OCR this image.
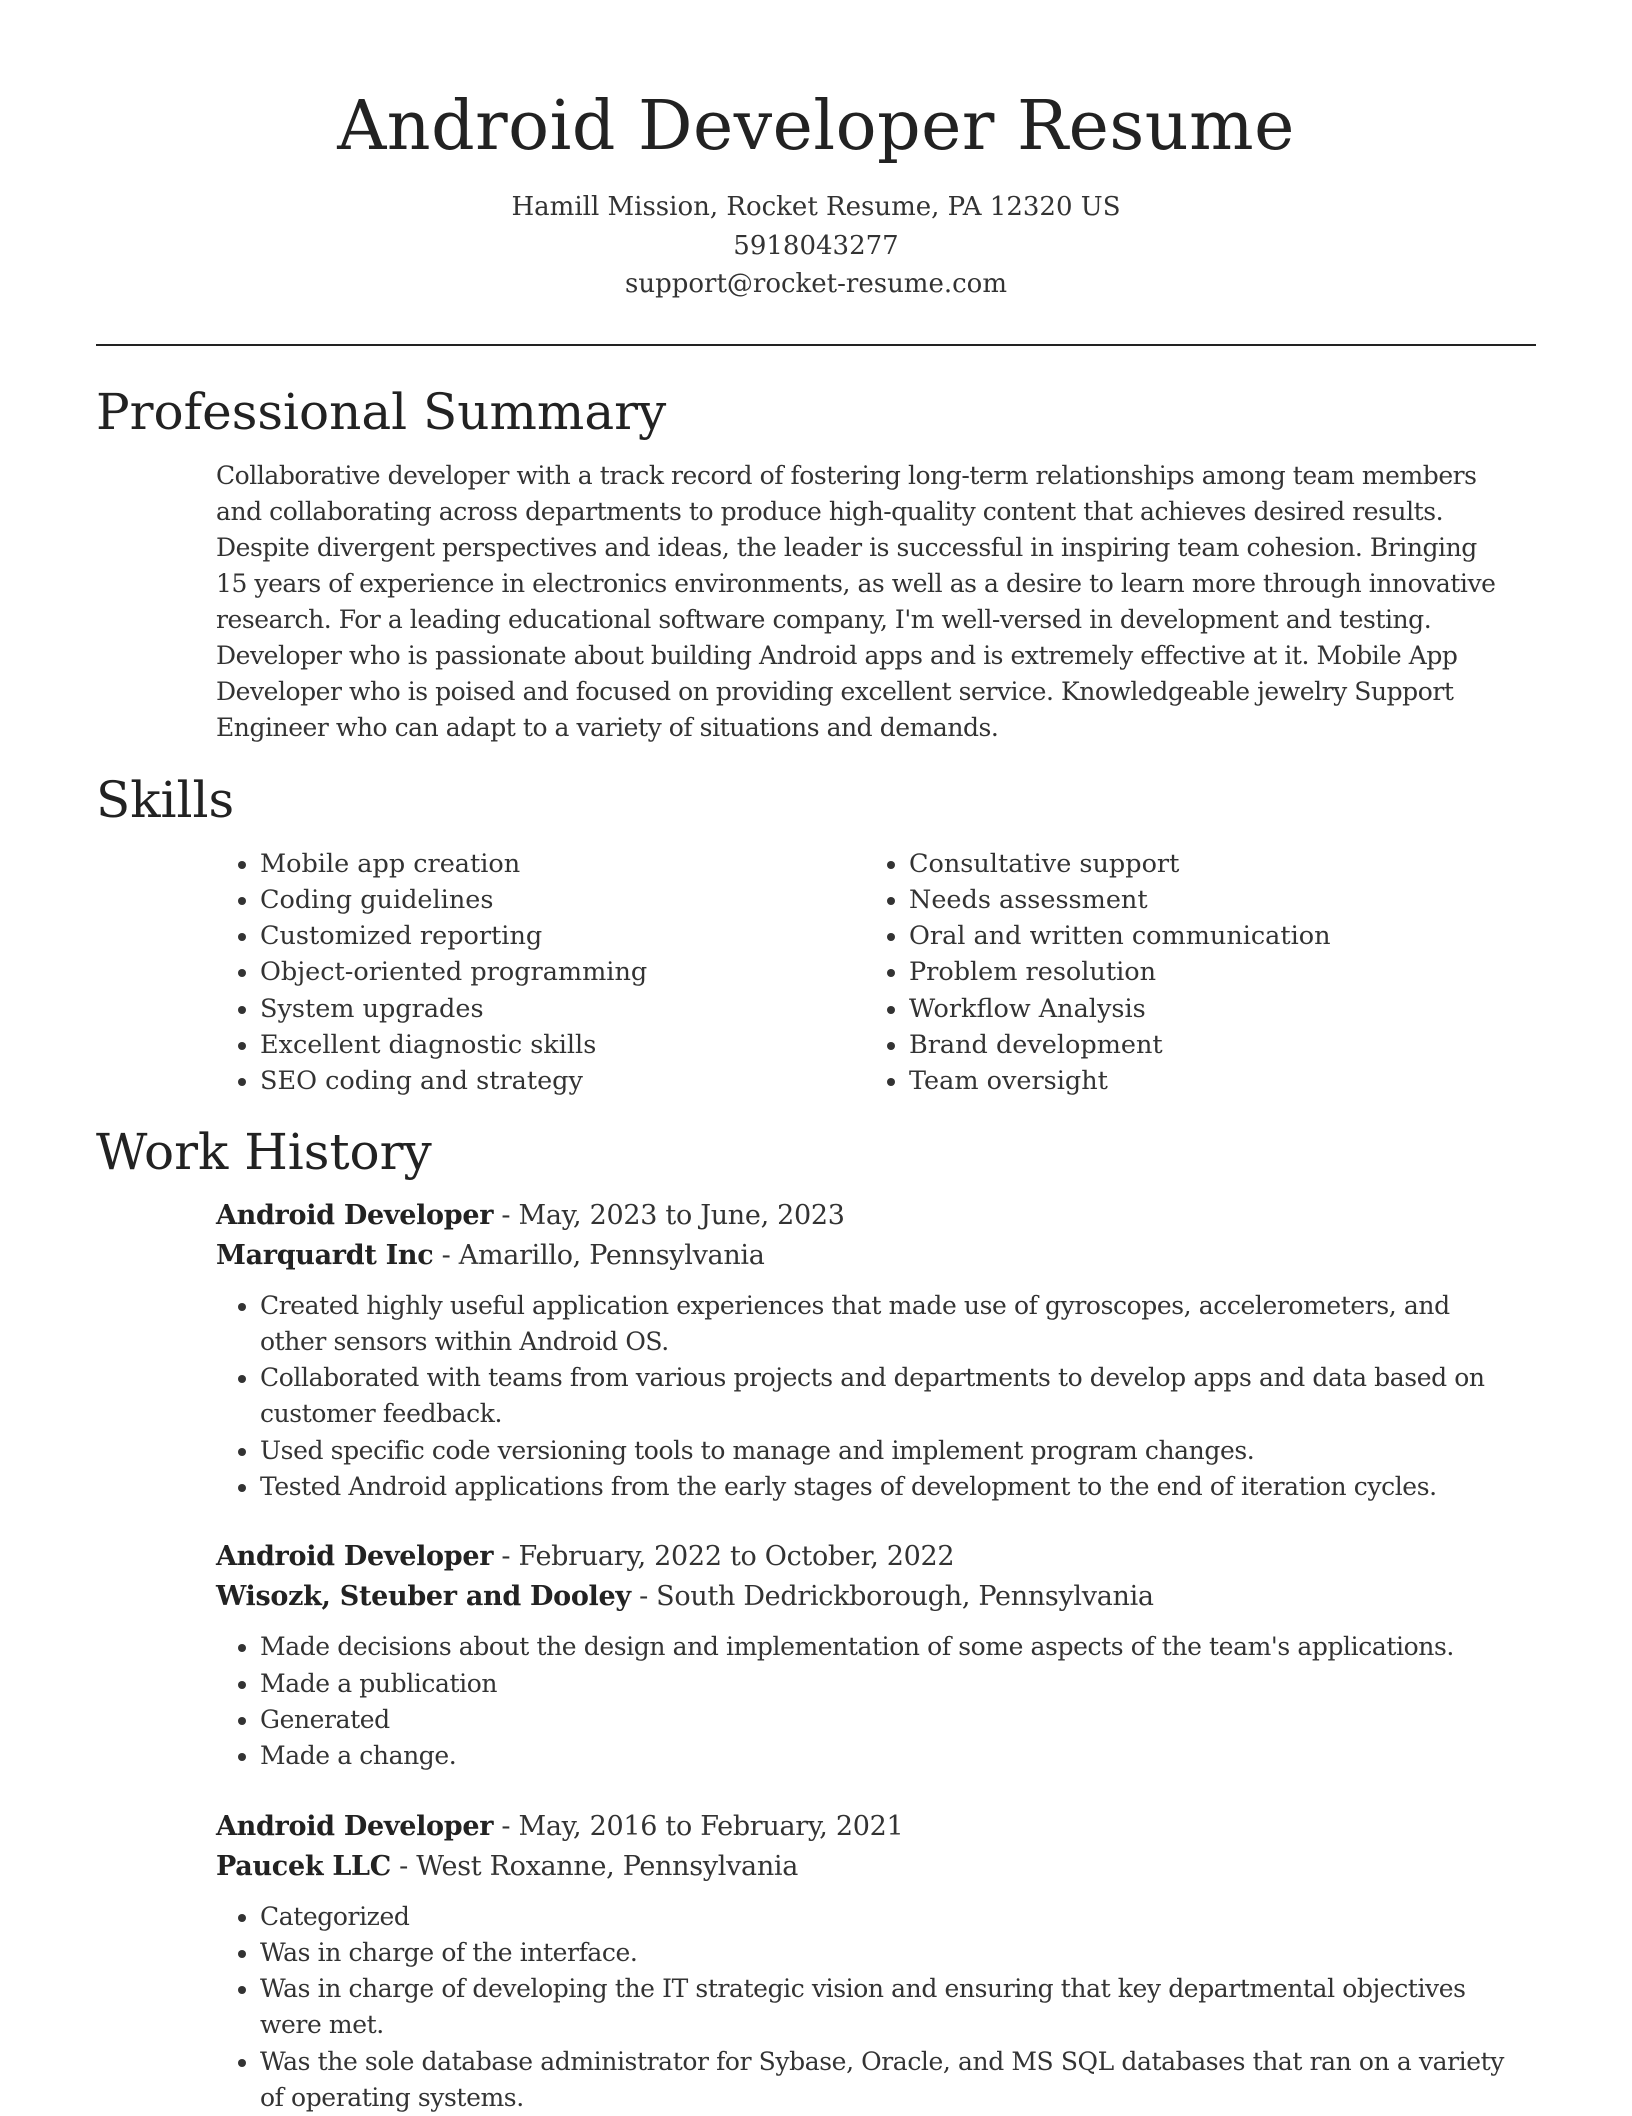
Android Developer Resume
Hamill Mission, Rocket Resume, PA 12320 US
5918043277
support@rocket-resume.com
Professional Summary

Collaborative developer with a track record of fostering long-term relationships among team members and collaborating across departments to produce high-quality content that achieves desired results. Despite divergent perspectives and ideas, the leader is successful in inspiring team cohesion. Bringing 15 years of experience in electronics environments, as well as a desire to learn more through innovative research. For a leading educational software company, I'm well-versed in development and testing. Developer who is passionate about building Android apps and is extremely effective at it. Mobile App Developer who is poised and focused on providing excellent service. Knowledgeable jewelry Support Engineer who can adapt to a variety of situations and demands.

Skills
• Mobile app creation
• Coding guidelines
• Customized reporting
• Object-oriented programming
• System upgrades
• Excellent diagnostic skills
• SEO coding and strategy
• Consultative support
• Needs assessment
• Oral and written communication
• Problem resolution
• Workflow Analysis
• Brand development
• Team oversight
Work History
Android Developer - May, 2023 to June, 2023
Marquardt Inc - Amarillo, Pennsylvania
• Created highly useful application experiences that made use of gyroscopes, accelerometers, and other sensors within Android OS.
• Collaborated with teams from various projects and departments to develop apps and data based on customer feedback.
• Used specific code versioning tools to manage and implement program changes.
• Tested Android applications from the early stages of development to the end of iteration cycles.
Android Developer - February, 2022 to October, 2022
Wisozk, Steuber and Dooley - South Dedrickborough, Pennsylvania
• Made decisions about the design and implementation of some aspects of the team's applications.
• Made a publication
• Generated
• Made a change.
Android Developer - May, 2016 to February, 2021
Paucek LLC - West Roxanne, Pennsylvania
• Categorized
• Was in charge of the interface.
• Was in charge of developing the IT strategic vision and ensuring that key departmental objectives were met.
• Was the sole database administrator for Sybase, Oracle, and MS SQL databases that ran on a variety of operating systems.
